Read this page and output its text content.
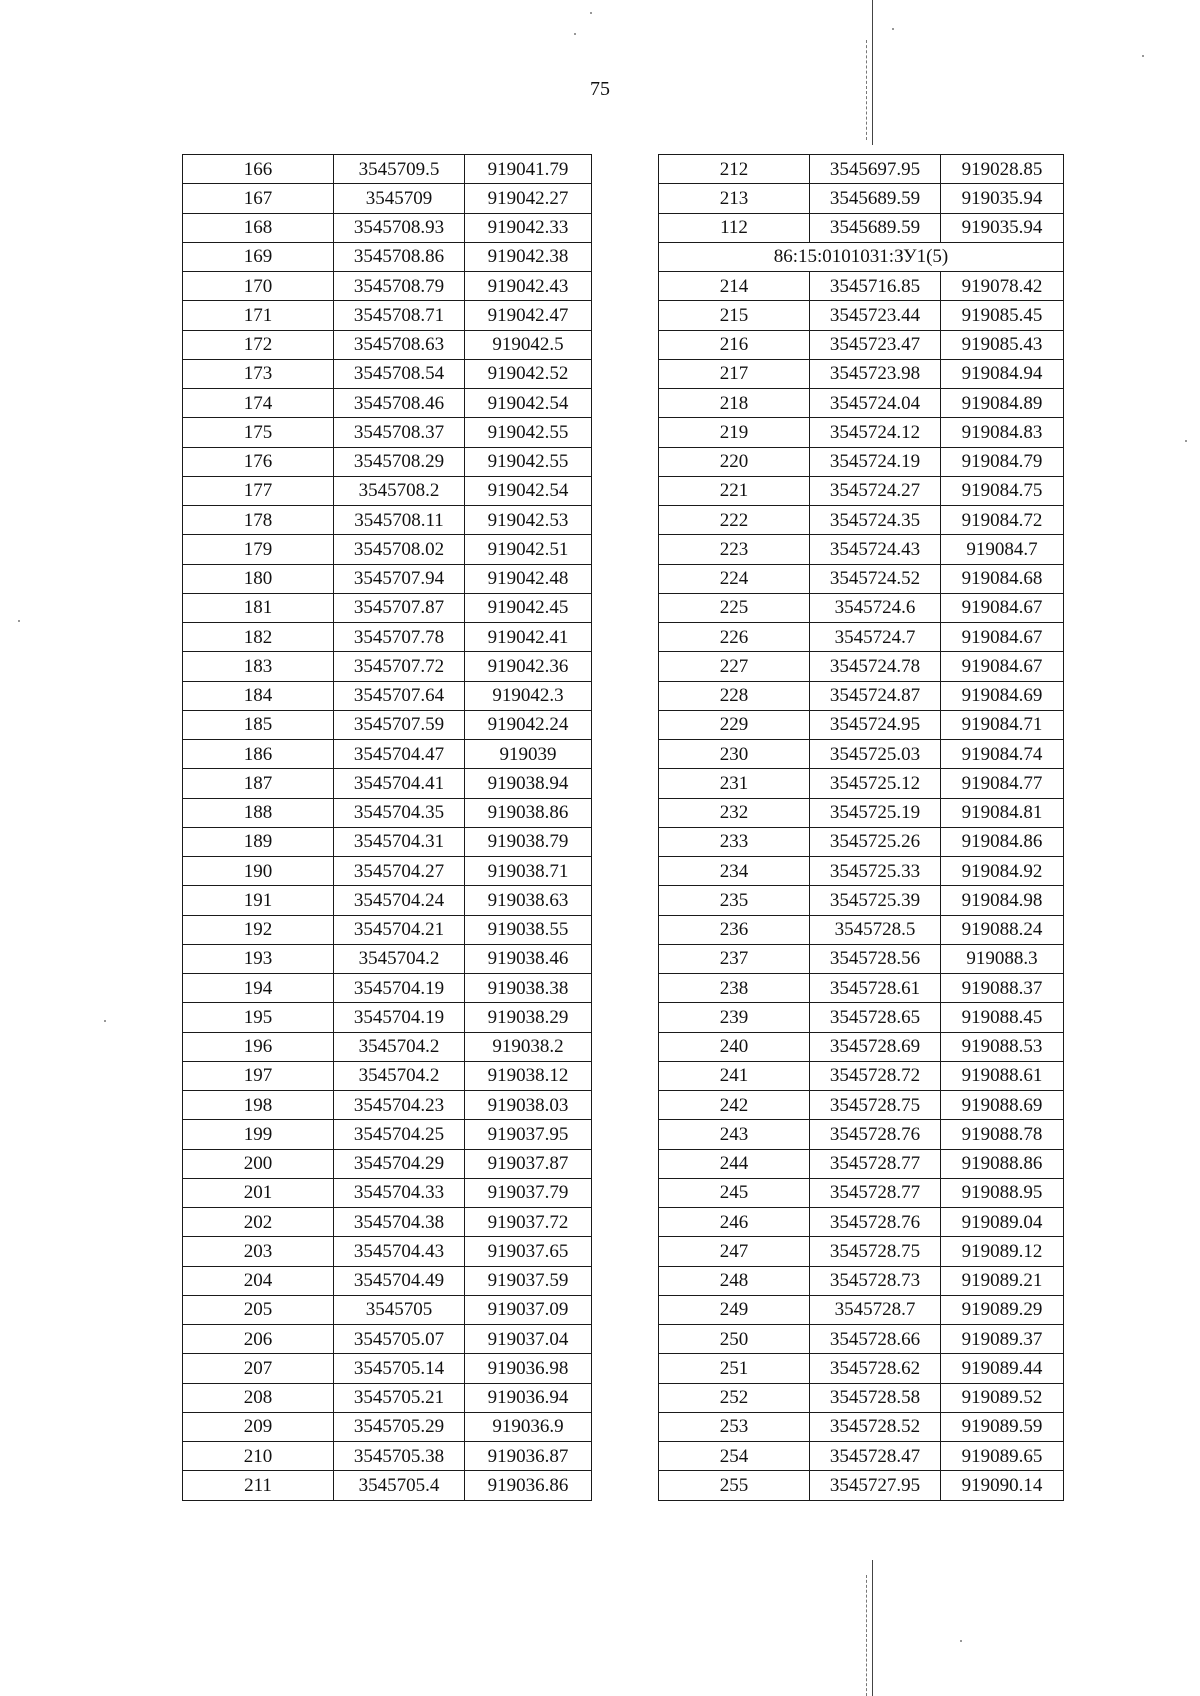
75
166	3545709.5	919041.79
167	3545709	919042.27
168	3545708.93	919042.33
169	3545708.86	919042.38
170	3545708.79	919042.43
171	3545708.71	919042.47
172	3545708.63	919042.5
173	3545708.54	919042.52
174	3545708.46	919042.54
175	3545708.37	919042.55
176	3545708.29	919042.55
177	3545708.2	919042.54
178	3545708.11	919042.53
179	3545708.02	919042.51
180	3545707.94	919042.48
181	3545707.87	919042.45
182	3545707.78	919042.41
183	3545707.72	919042.36
184	3545707.64	919042.3
185	3545707.59	919042.24
186	3545704.47	919039
187	3545704.41	919038.94
188	3545704.35	919038.86
189	3545704.31	919038.79
190	3545704.27	919038.71
191	3545704.24	919038.63
192	3545704.21	919038.55
193	3545704.2	919038.46
194	3545704.19	919038.38
195	3545704.19	919038.29
196	3545704.2	919038.2
197	3545704.2	919038.12
198	3545704.23	919038.03
199	3545704.25	919037.95
200	3545704.29	919037.87
201	3545704.33	919037.79
202	3545704.38	919037.72
203	3545704.43	919037.65
204	3545704.49	919037.59
205	3545705	919037.09
206	3545705.07	919037.04
207	3545705.14	919036.98
208	3545705.21	919036.94
209	3545705.29	919036.9
210	3545705.38	919036.87
211	3545705.4	919036.86
212	3545697.95	919028.85
213	3545689.59	919035.94
112	3545689.59	919035.94
86:15:0101031:ЗУ1(5)		
214	3545716.85	919078.42
215	3545723.44	919085.45
216	3545723.47	919085.43
217	3545723.98	919084.94
218	3545724.04	919084.89
219	3545724.12	919084.83
220	3545724.19	919084.79
221	3545724.27	919084.75
222	3545724.35	919084.72
223	3545724.43	919084.7
224	3545724.52	919084.68
225	3545724.6	919084.67
226	3545724.7	919084.67
227	3545724.78	919084.67
228	3545724.87	919084.69
229	3545724.95	919084.71
230	3545725.03	919084.74
231	3545725.12	919084.77
232	3545725.19	919084.81
233	3545725.26	919084.86
234	3545725.33	919084.92
235	3545725.39	919084.98
236	3545728.5	919088.24
237	3545728.56	919088.3
238	3545728.61	919088.37
239	3545728.65	919088.45
240	3545728.69	919088.53
241	3545728.72	919088.61
242	3545728.75	919088.69
243	3545728.76	919088.78
244	3545728.77	919088.86
245	3545728.77	919088.95
246	3545728.76	919089.04
247	3545728.75	919089.12
248	3545728.73	919089.21
249	3545728.7	919089.29
250	3545728.66	919089.37
251	3545728.62	919089.44
252	3545728.58	919089.52
253	3545728.52	919089.59
254	3545728.47	919089.65
255	3545727.95	919090.14
